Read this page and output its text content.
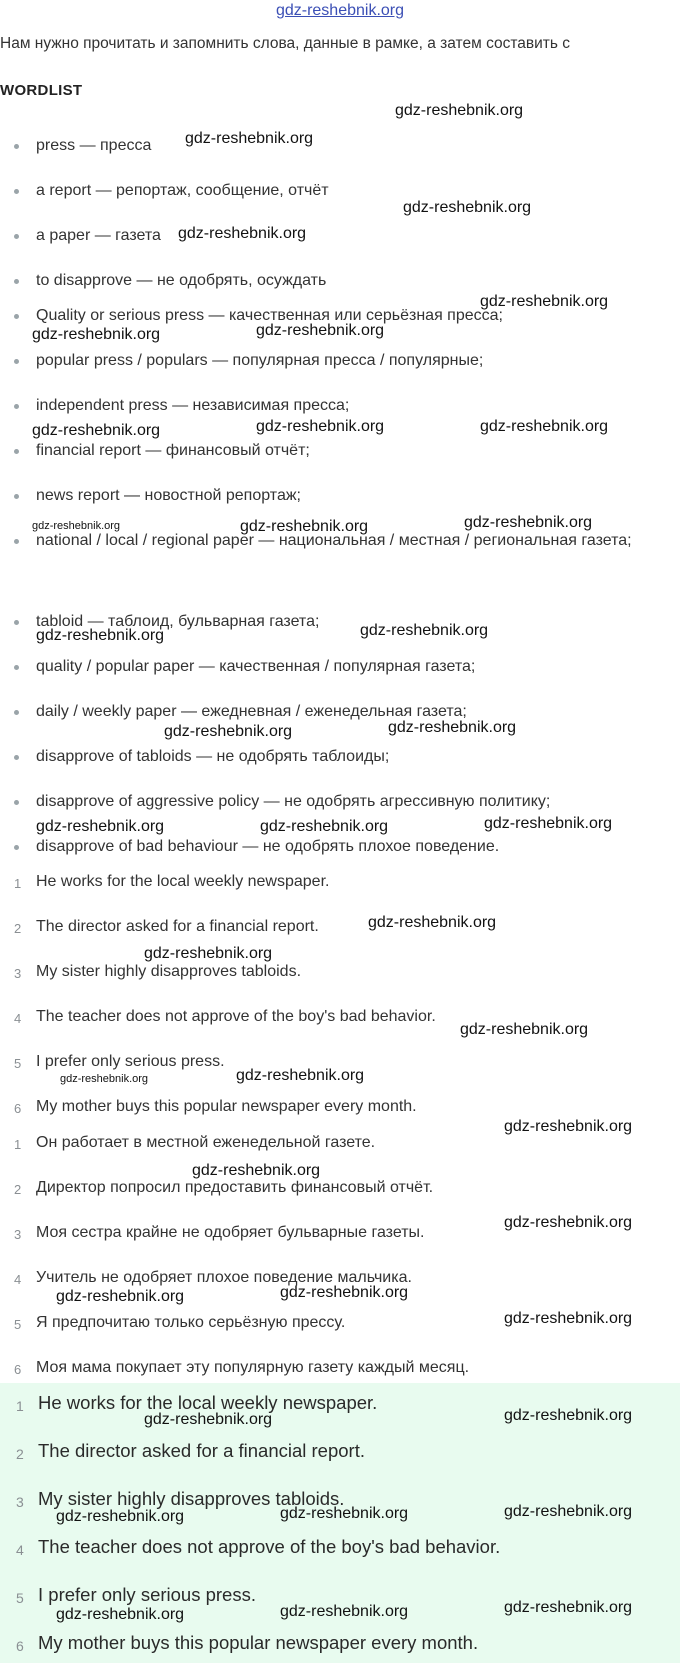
gdz-reshebnik.org
Нам нужно прочитать и запомнить слова, данные в рамке, а затем составить с
WORDLIST
press — пресса
a report — репортаж, сообщение, отчёт
a paper — газета
to disapprove — не одобрять, осуждать
Quality or serious press — качественная или серьёзная пресса;
popular press / populars — популярная пресса / популярные;
independent press — независимая пресса;
financial report — финансовый отчёт;
news report — новостной репортаж;
national / local / regional paper — национальная / местная / региональная газета;
tabloid — таблоид, бульварная газета;
quality / popular paper — качественная / популярная газета;
daily / weekly paper — ежедневная / еженедельная газета;
disapprove of tabloids — не одобрять таблоиды;
disapprove of aggressive policy — не одобрять агрессивную политику;
disapprove of bad behaviour — не одобрять плохое поведение.
1 He works for the local weekly newspaper.
2 The director asked for a financial report.
3 My sister highly disapproves tabloids.
4 The teacher does not approve of the boy's bad behavior.
5 I prefer only serious press.
6 My mother buys this popular newspaper every month.
1 Он работает в местной еженедельной газете.
2 Директор попросил предоставить финансовый отчёт.
3 Моя сестра крайне не одобряет бульварные газеты.
4 Учитель не одобряет плохое поведение мальчика.
5 Я предпочитаю только серьёзную прессу.
6 Моя мама покупает эту популярную газету каждый месяц.
1 He works for the local weekly newspaper.
2 The director asked for a financial report.
3 My sister highly disapproves tabloids.
4 The teacher does not approve of the boy's bad behavior.
5 I prefer only serious press.
6 My mother buys this popular newspaper every month.
gdz-reshebnik.org
gdz-reshebnik.org
gdz-reshebnik.org
gdz-reshebnik.org
gdz-reshebnik.org
gdz-reshebnik.org	gdz-reshebnik.org
gdz-reshebnik.org	gdz-reshebnik.org	gdz-reshebnik.org
gdz-reshebnik.org	gdz-reshebnik.org	gdz-reshebnik.org
gdz-reshebnik.org	gdz-reshebnik.org
gdz-reshebnik.org	gdz-reshebnik.org
gdz-reshebnik.org	gdz-reshebnik.org	gdz-reshebnik.org
gdz-reshebnik.org
gdz-reshebnik.org
gdz-reshebnik.org
gdz-reshebnik.org	gdz-reshebnik.org
gdz-reshebnik.org
gdz-reshebnik.org
gdz-reshebnik.org
gdz-reshebnik.org	gdz-reshebnik.org
gdz-reshebnik.org
gdz-reshebnik.org	gdz-reshebnik.org
gdz-reshebnik.org	gdz-reshebnik.org	gdz-reshebnik.org
gdz-reshebnik.org	gdz-reshebnik.org	gdz-reshebnik.org
